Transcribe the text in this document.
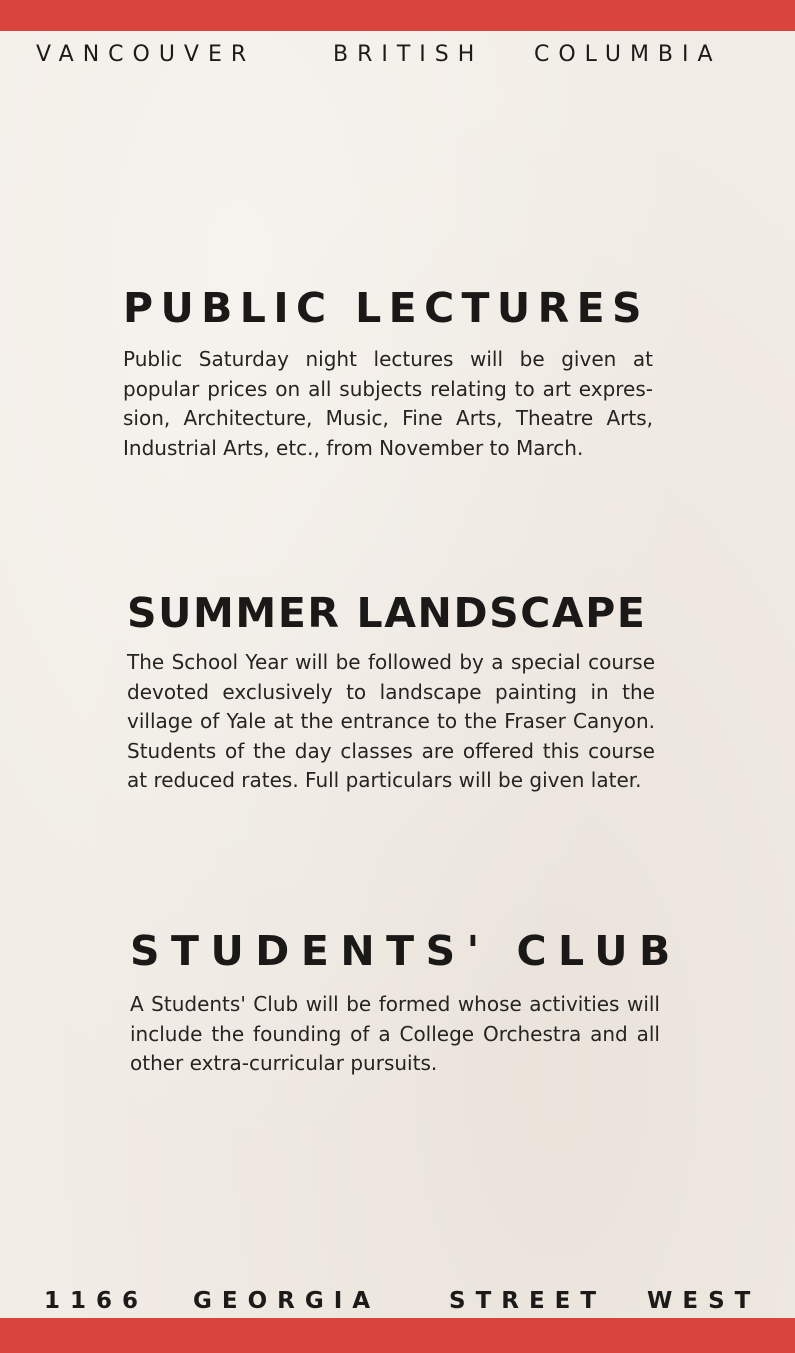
VANCOUVER	BRITISH COLUMBIA
PUBLIC LECTURES

Public Saturday night lectures will be given at popular prices on all subjects relating to art expres-sion, Architecture, Music, Fine Arts, Theatre Arts, Industrial Arts, etc., from November to March.

SUMMER LANDSCAPE

The School Year will be followed by a special course devoted exclusively to landscape painting in the village of Yale at the entrance to the Fraser Canyon. Students of the day classes are offered this course at reduced rates. Full particulars will be given later.

STUDENTS' CLUB

A Students' Club will be formed whose activities will include the founding of a College Orchestra and all other extra-curricular pursuits.

1166 GEORGIA	STREET WEST
